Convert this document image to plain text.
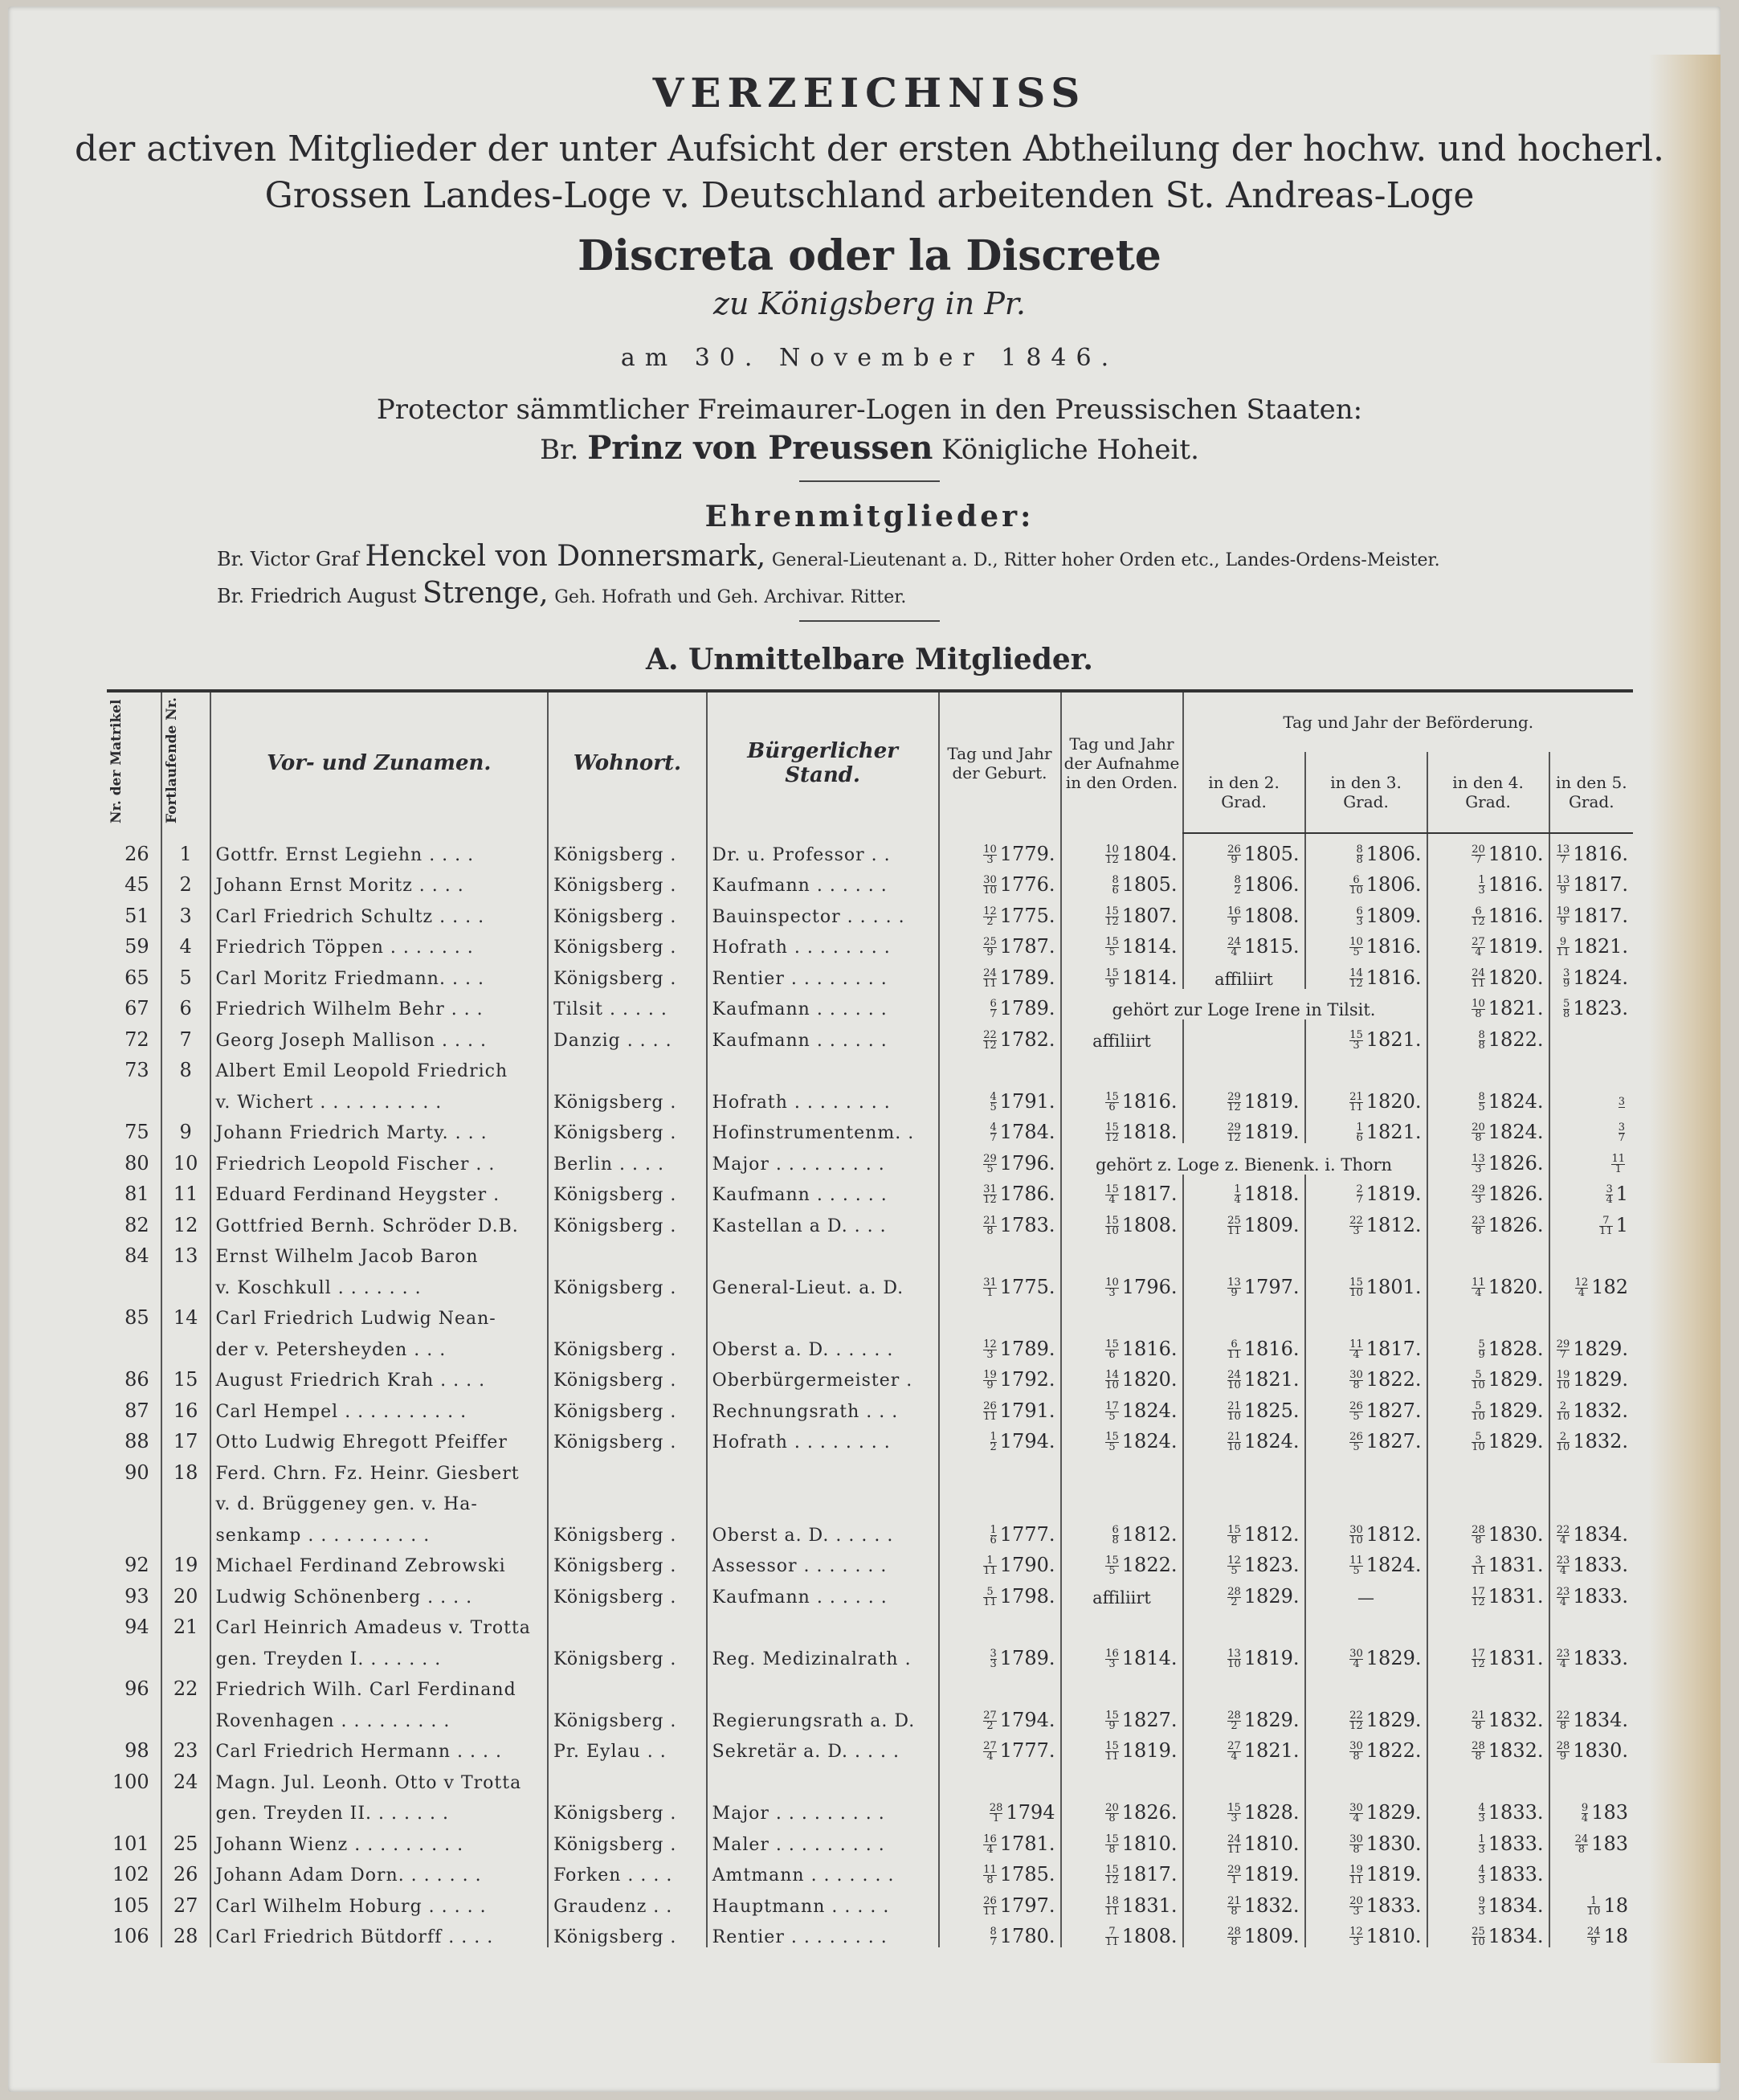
VERZEICHNISS
der activen Mitglieder der unter Aufsicht der ersten Abtheilung der hochw. und hocherl.
Grossen Landes-Loge v. Deutschland arbeitenden St. Andreas-Loge
Discreta oder la Discrete
zu Königsberg in Pr.
am 30. November 1846.
Protector sämmtlicher Freimaurer-Logen in den Preussischen Staaten:
Br. Prinz von Preussen Königliche Hoheit.
Ehrenmitglieder:
Br. Victor Graf Henckel von Donnersmark, General-Lieutenant a. D., Ritter hoher Orden etc., Landes-Ordens-Meister.
Br. Friedrich August Strenge, Geh. Hofrath und Geh. Archivar. Ritter.
A. Unmittelbare Mitglieder.
Nr. der Matrikel	Fortlaufende Nr.	Vor- und Zunamen.	Wohnort.	Bürgerlicher Stand.	Tag und Jahr der Geburt.	Tag und Jahr der Aufnahme in den Orden.	Tag und Jahr der Beförderung.			
							in den 2. Grad.	in den 3. Grad.	in den 4. Grad.	in den 5. Grad.
26	1	Gottfr. Ernst Legiehn . . . .	Königsberg .	Dr. u. Professor . .	$\frac{10}{3} 1779$.	$\frac{10}{12} 1804$.	$\frac{26}{9} 1805$.	$\frac{8}{8} 1806$.	$\frac{20}{7} 1810$.	$\frac{13}{7} 1816$.
45	2	Johann Ernst Moritz . . . .	Königsberg .	Kaufmann . . . . . .	$\frac{30}{10} 1776$.	$\frac{8}{6} 1805$.	$\frac{8}{2} 1806$.	$\frac{6}{10} 1806$.	$\frac{1}{3} 1816$.	$\frac{13}{9} 1817$.
51	3	Carl Friedrich Schultz . . . .	Königsberg .	Bauinspector . . . . .	$\frac{12}{2} 1775$.	$\frac{15}{12} 1807$.	$\frac{16}{9} 1808$.	$\frac{6}{3} 1809$.	$\frac{6}{12} 1816$.	$\frac{19}{9} 1817$.
59	4	Friedrich Töppen . . . . . . .	Königsberg .	Hofrath . . . . . . . .	$\frac{25}{9} 1787$.	$\frac{15}{5} 1814$.	$\frac{24}{4} 1815$.	$\frac{10}{5} 1816$.	$\frac{27}{4} 1819$.	$\frac{9}{11} 1821$.
65	5	Carl Moritz Friedmann. . . .	Königsberg .	Rentier . . . . . . . .	$\frac{24}{11} 1789$.	$\frac{15}{9} 1814$.	affiliirt	$\frac{14}{12} 1816$.	$\frac{24}{11} 1820$.	$\frac{3}{9} 1824$.
67	6	Friedrich Wilhelm Behr . . .	Tilsit . . . . .	Kaufmann . . . . . .	$\frac{6}{7} 1789$.	gehört zur Loge Irene in Tilsit.			$\frac{10}{8} 1821$.	$\frac{5}{8} 1823$.
72	7	Georg Joseph Mallison . . . .	Danzig . . . .	Kaufmann . . . . . .	$\frac{22}{12} 1782$.	affiliirt		$\frac{15}{3} 1821$.	$\frac{8}{8} 1822$.	
73	8	Albert Emil Leopold Friedrich								
		v. Wichert . . . . . . . . . .	Königsberg .	Hofrath . . . . . . . .	$\frac{4}{5} 1791$.	$\frac{15}{6} 1816$.	$\frac{29}{12} 1819$.	$\frac{21}{11} 1820$.	$\frac{8}{5} 1824$.	3

75	9	Johann Friedrich Marty. . . .	Königsberg .	Hofinstrumentenm. .	$\frac{4}{7} 1784$.	$\frac{15}{12} 1818$.	$\frac{29}{12} 1819$.	$\frac{1}{6} 1821$.	$\frac{20}{8} 1824$.	$\frac{3}{7}$

80	10	Friedrich Leopold Fischer . .	Berlin . . . .	Major . . . . . . . . .	$\frac{29}{5} 1796$.	gehört z. Loge z. Bienenk. i. Thorn			$\frac{13}{3} 1826$.	$\frac{11}{1}$

81	11	Eduard Ferdinand Heygster .	Königsberg .	Kaufmann . . . . . .	$\frac{31}{12} 1786$.	$\frac{15}{4} 1817$.	$\frac{1}{4} 1818$.	$\frac{2}{7} 1819$.	$\frac{29}{3} 1826$.	$\frac{3}{4} 1$
82	12	Gottfried Bernh. Schröder D.B.	Königsberg .	Kastellan a D. . . .	$\frac{21}{8} 1783$.	$\frac{15}{10} 1808$.	$\frac{25}{11} 1809$.	$\frac{22}{3} 1812$.	$\frac{23}{8} 1826$.	$\frac{7}{11} 1$
84	13	Ernst Wilhelm Jacob Baron								
		v. Koschkull . . . . . . .	Königsberg .	General-Lieut. a. D.	$\frac{31}{1} 1775$.	$\frac{10}{3} 1796$.	$\frac{13}{9} 1797$.	$\frac{15}{10} 1801$.	$\frac{11}{4} 1820$.	$\frac{12}{4} 182$
85	14	Carl Friedrich Ludwig Nean-								
		der v. Petersheyden . . .	Königsberg .	Oberst a. D. . . . . .	$\frac{12}{3} 1789$.	$\frac{15}{6} 1816$.	$\frac{6}{11} 1816$.	$\frac{11}{4} 1817$.	$\frac{5}{9} 1828$.	$\frac{29}{7} 1829$.
86	15	August Friedrich Krah . . . .	Königsberg .	Oberbürgermeister .	$\frac{19}{9} 1792$.	$\frac{14}{10} 1820$.	$\frac{24}{10} 1821$.	$\frac{30}{8} 1822$.	$\frac{5}{10} 1829$.	$\frac{19}{10} 1829$.
87	16	Carl Hempel . . . . . . . . . .	Königsberg .	Rechnungsrath . . .	$\frac{26}{11} 1791$.	$\frac{17}{5} 1824$.	$\frac{21}{10} 1825$.	$\frac{26}{5} 1827$.	$\frac{5}{10} 1829$.	$\frac{2}{10} 1832$.
88	17	Otto Ludwig Ehregott Pfeiffer	Königsberg .	Hofrath . . . . . . . .	$\frac{1}{2} 1794$.	$\frac{15}{5} 1824$.	$\frac{21}{10} 1824$.	$\frac{26}{5} 1827$.	$\frac{5}{10} 1829$.	$\frac{2}{10} 1832$.
90	18	Ferd. Chrn. Fz. Heinr. Giesbert								
		v. d. Brüggeney gen. v. Ha-								
		senkamp . . . . . . . . . .	Königsberg .	Oberst a. D. . . . . .	$\frac{1}{6} 1777$.	$\frac{6}{8} 1812$.	$\frac{15}{8} 1812$.	$\frac{30}{10} 1812$.	$\frac{28}{8} 1830$.	$\frac{22}{4} 1834$.
92	19	Michael Ferdinand Zebrowski	Königsberg .	Assessor . . . . . . .	$\frac{1}{11} 1790$.	$\frac{15}{5} 1822$.	$\frac{12}{5} 1823$.	$\frac{11}{5} 1824$.	$\frac{3}{11} 1831$.	$\frac{23}{4} 1833$.
93	20	Ludwig Schönenberg . . . .	Königsberg .	Kaufmann . . . . . .	$\frac{5}{11} 1798$.	affiliirt	$\frac{28}{2} 1829$.	—	$\frac{17}{12} 1831$.	$\frac{23}{4} 1833$.
94	21	Carl Heinrich Amadeus v. Trotta								
		gen. Treyden I. . . . . . .	Königsberg .	Reg. Medizinalrath .	$\frac{3}{3} 1789$.	$\frac{16}{3} 1814$.	$\frac{13}{10} 1819$.	$\frac{30}{4} 1829$.	$\frac{17}{12} 1831$.	$\frac{23}{4} 1833$.
96	22	Friedrich Wilh. Carl Ferdinand								
		Rovenhagen . . . . . . . . .	Königsberg .	Regierungsrath a. D.	$\frac{27}{2} 1794$.	$\frac{15}{9} 1827$.	$\frac{28}{2} 1829$.	$\frac{22}{12} 1829$.	$\frac{21}{8} 1832$.	$\frac{22}{8} 1834$.
98	23	Carl Friedrich Hermann . . . .	Pr. Eylau . .	Sekretär a. D. . . . .	$\frac{27}{4} 1777$.	$\frac{15}{11} 1819$.	$\frac{27}{4} 1821$.	$\frac{30}{8} 1822$.	$\frac{28}{8} 1832$.	$\frac{28}{9} 1830$.
100	24	Magn. Jul. Leonh. Otto v Trotta								
		gen. Treyden II. . . . . . .	Königsberg .	Major . . . . . . . . .	$\frac{28}{1} 1794$	$\frac{20}{8} 1826$.	$\frac{15}{3} 1828$.	$\frac{30}{4} 1829$.	$\frac{4}{3} 1833$.	$\frac{9}{4} 183$
101	25	Johann Wienz . . . . . . . . .	Königsberg .	Maler . . . . . . . . .	$\frac{16}{4} 1781$.	$\frac{15}{8} 1810$.	$\frac{24}{11} 1810$.	$\frac{30}{8} 1830$.	$\frac{1}{3} 1833$.	$\frac{24}{8} 183$
102	26	Johann Adam Dorn. . . . . . .	Forken . . . .	Amtmann . . . . . . .	$\frac{11}{8} 1785$.	$\frac{15}{12} 1817$.	$\frac{29}{1} 1819$.	$\frac{19}{11} 1819$.	$\frac{4}{3} 1833$.	
105	27	Carl Wilhelm Hoburg . . . . .	Graudenz . .	Hauptmann . . . . .	$\frac{26}{11} 1797$.	$\frac{18}{11} 1831$.	$\frac{21}{8} 1832$.	$\frac{20}{3} 1833$.	$\frac{9}{3} 1834$.	$\frac{1}{10} 18$
106	28	Carl Friedrich Bütdorff . . . .	Königsberg .	Rentier . . . . . . . .	$\frac{8}{7} 1780$.	$\frac{7}{11} 1808$.	$\frac{28}{8} 1809$.	$\frac{12}{3} 1810$.	$\frac{25}{10} 1834$.	$\frac{24}{9} 18$
